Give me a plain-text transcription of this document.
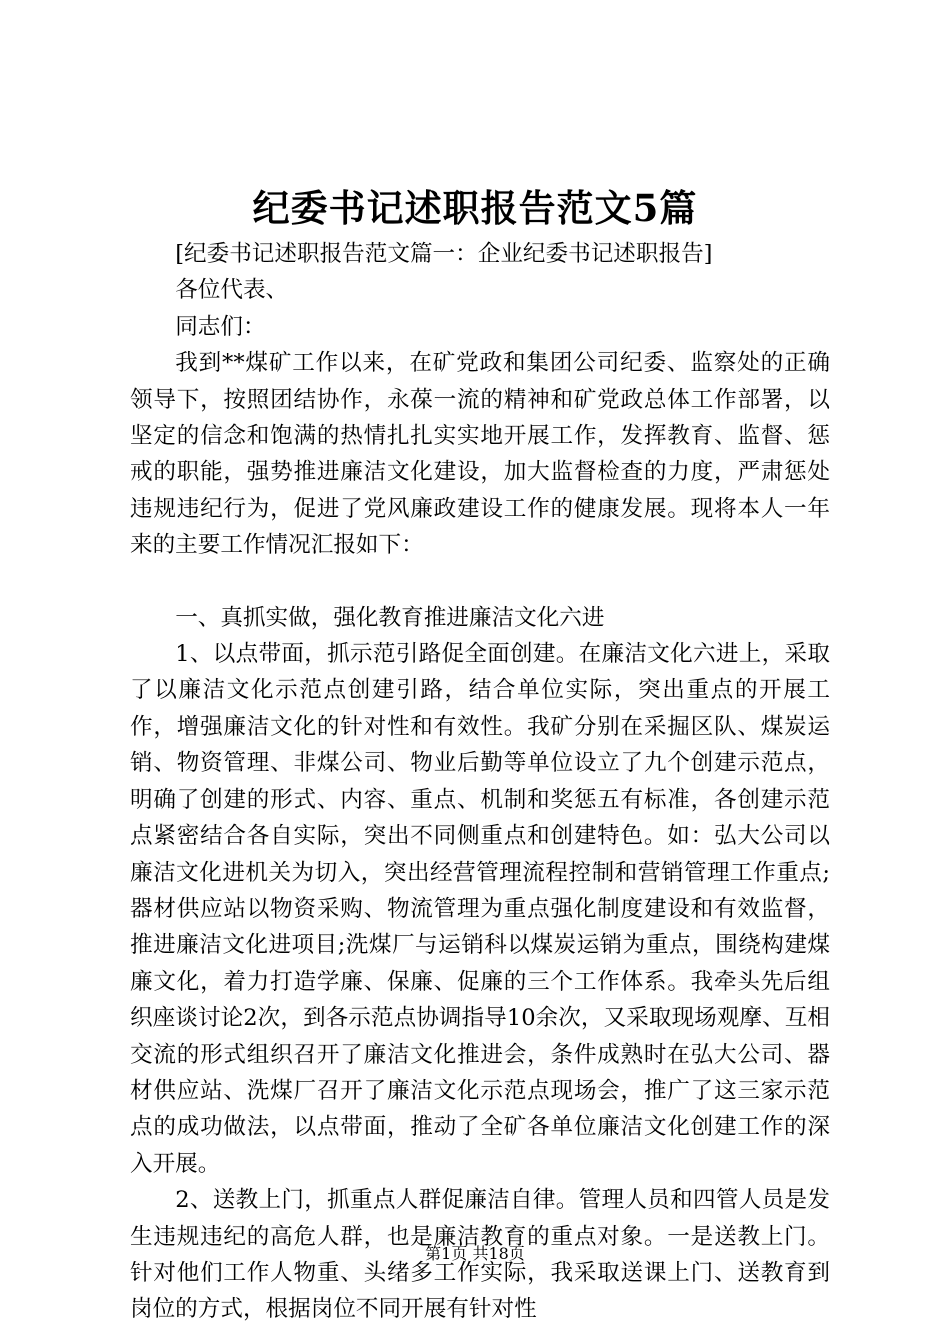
纪委书记述职报告范文5篇

[纪委书记述职报告范文篇一：企业纪委书记述职报告]

各位代表、

同志们：

我到**煤矿工作以来，在矿党政和集团公司纪委、监察处的正确领导下，按照团结协作，永葆一流的精神和矿党政总体工作部署，以坚定的信念和饱满的热情扎扎实实地开展工作，发挥教育、监督、惩戒的职能，强势推进廉洁文化建设，加大监督检查的力度，严肃惩处违规违纪行为，促进了党风廉政建设工作的健康发展。现将本人一年来的主要工作情况汇报如下：

一、真抓实做，强化教育推进廉洁文化六进

1、以点带面，抓示范引路促全面创建。在廉洁文化六进上，采取了以廉洁文化示范点创建引路，结合单位实际，突出重点的开展工作，增强廉洁文化的针对性和有效性。我矿分别在采掘区队、煤炭运销、物资管理、非煤公司、物业后勤等单位设立了九个创建示范点，明确了创建的形式、内容、重点、机制和奖惩五有标准，各创建示范点紧密结合各自实际，突出不同侧重点和创建特色。如：弘大公司以廉洁文化进机关为切入，突出经营管理流程控制和营销管理工作重点;器材供应站以物资采购、物流管理为重点强化制度建设和有效监督，推进廉洁文化进项目;洗煤厂与运销科以煤炭运销为重点，围绕构建煤廉文化，着力打造学廉、保廉、促廉的三个工作体系。我牵头先后组织座谈讨论2次，到各示范点协调指导10余次，又采取现场观摩、互相交流的形式组织召开了廉洁文化推进会，条件成熟时在弘大公司、器材供应站、洗煤厂召开了廉洁文化示范点现场会，推广了这三家示范点的成功做法，以点带面，推动了全矿各单位廉洁文化创建工作的深入开展。

2、送教上门，抓重点人群促廉洁自律。管理人员和四管人员是发生违规违纪的高危人群，也是廉洁教育的重点对象。一是送教上门。针对他们工作人物重、头绪多工作实际，我采取送课上门、送教育到岗位的方式，根据岗位不同开展有针对性

第1页 共18页
